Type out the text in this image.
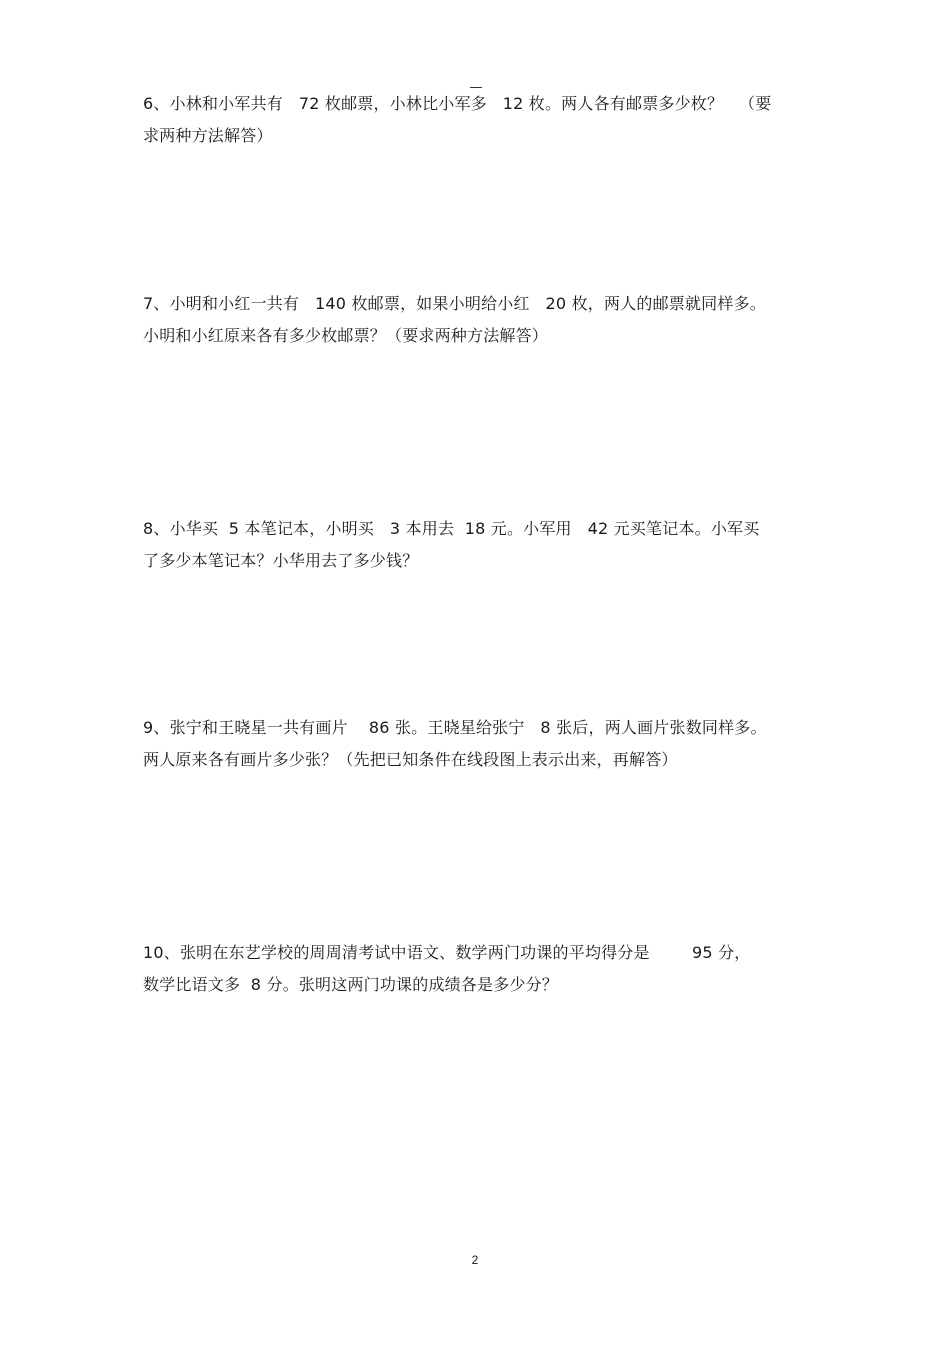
6、小林和小军共有   72 枚邮票，小林比小军多   12 枚。两人各有邮票多少枚？   （要
求两种方法解答）
7、小明和小红一共有   140 枚邮票，如果小明给小红   20 枚，两人的邮票就同样多。
小明和小红原来各有多少枚邮票？（要求两种方法解答）
8、小华买  5 本笔记本，小明买   3 本用去  18 元。小军用   42 元买笔记本。小军买
了多少本笔记本？小华用去了多少钱？
9、张宁和王晓星一共有画片    86 张。王晓星给张宁   8 张后，两人画片张数同样多。
两人原来各有画片多少张？（先把已知条件在线段图上表示出来，再解答）
10、张明在东艺学校的周周清考试中语文、数学两门功课的平均得分是        95 分，
数学比语文多  8 分。张明这两门功课的成绩各是多少分？
2
